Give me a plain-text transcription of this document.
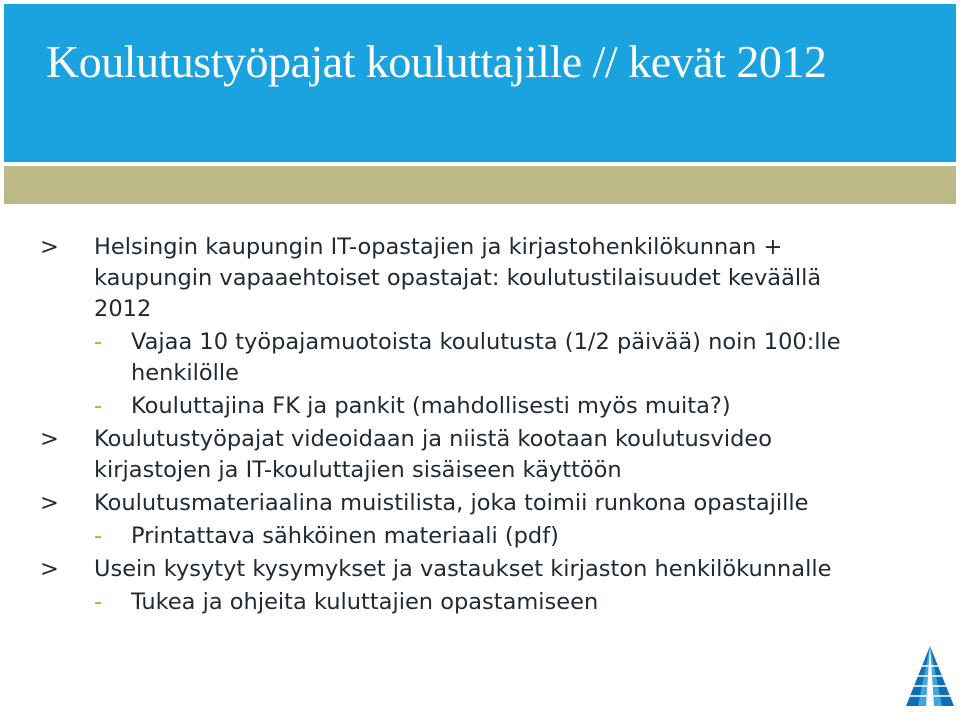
Koulutustyöpajat kouluttajille // kevät 2012
> Helsingin kaupungin IT-opastajien ja kirjastohenkilökunnan +
kaupungin vapaaehtoiset opastajat: koulutustilaisuudet keväällä
2012
- Vajaa 10 työpajamuotoista koulutusta (1/2 päivää) noin 100:lle
henkilölle
- Kouluttajina FK ja pankit (mahdollisesti myös muita?)
> Koulutustyöpajat videoidaan ja niistä kootaan koulutusvideo
kirjastojen ja IT-kouluttajien sisäiseen käyttöön
> Koulutusmateriaalina muistilista, joka toimii runkona opastajille
- Printattava sähköinen materiaali (pdf)
> Usein kysytyt kysymykset ja vastaukset kirjaston henkilökunnalle
- Tukea ja ohjeita kuluttajien opastamiseen
